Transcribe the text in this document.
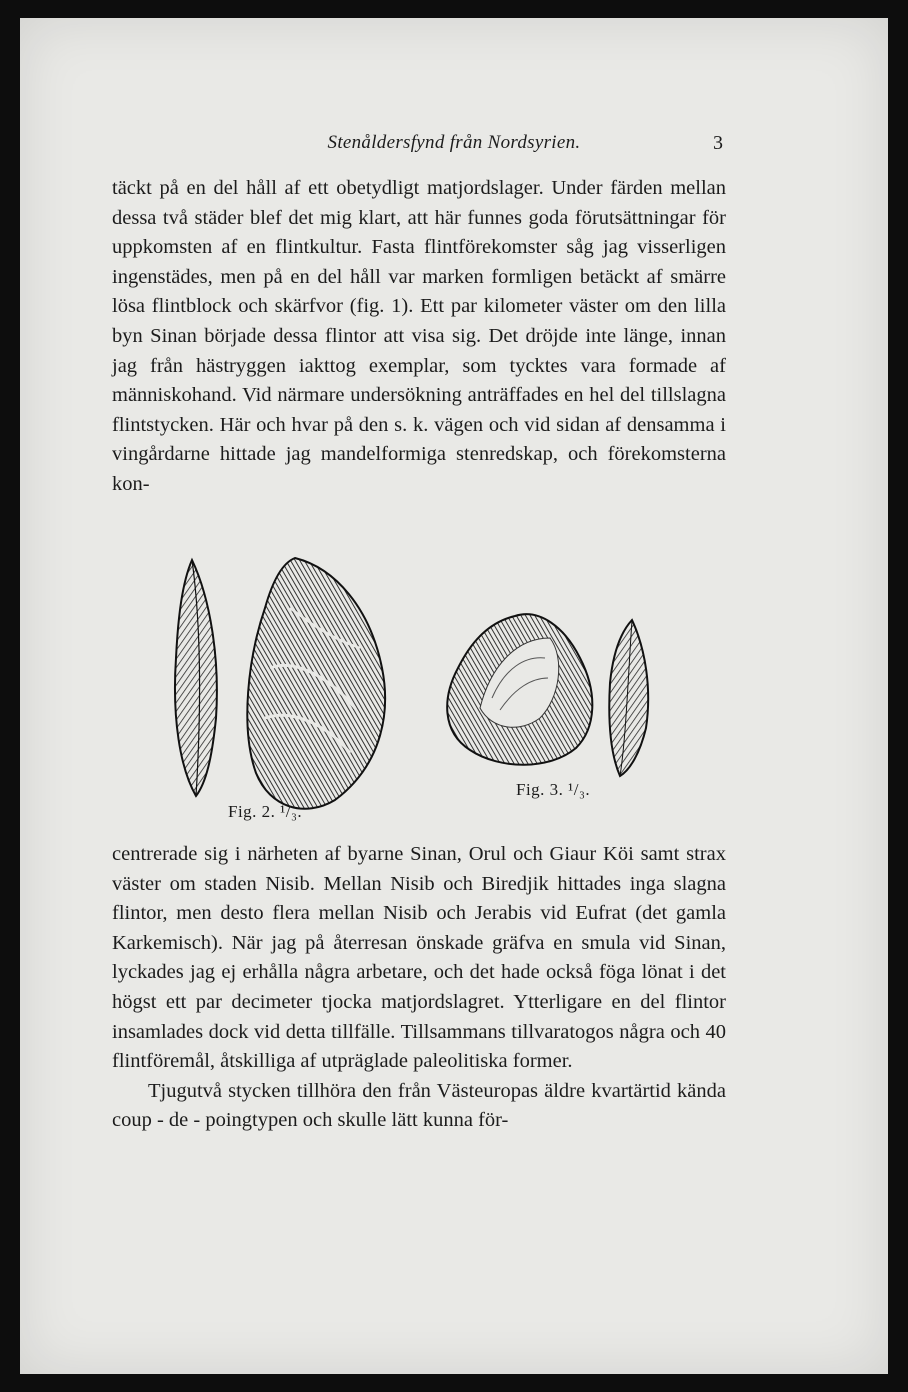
Stenåldersfynd från Nordsyrien.	3

täckt på en del håll af ett obetydligt matjordslager. Under färden mellan dessa två städer blef det mig klart, att här funnes goda förutsättningar för uppkomsten af en flintkultur. Fasta flintförekomster såg jag visserligen ingenstädes, men på en del håll var marken formligen betäckt af smärre lösa flintblock och skärfvor (fig. 1). Ett par kilometer väster om den lilla byn Sinan började dessa flintor att visa sig. Det dröjde inte länge, innan jag från hästryggen iakttog exemplar, som tycktes vara formade af människohand. Vid närmare undersökning anträffades en hel del tillslagna flintstycken. Här och hvar på den s. k. vägen och vid sidan af densamma i vingårdarne hittade jag mandelformiga stenredskap, och förekomsterna kon-

Fig. 2. ¹/₃.
Fig. 3. ¹/₃.

centrerade sig i närheten af byarne Sinan, Orul och Giaur Köi samt strax väster om staden Nisib. Mellan Nisib och Biredjik hittades inga slagna flintor, men desto flera mellan Nisib och Jerabis vid Eufrat (det gamla Karkemisch). När jag på återresan önskade gräfva en smula vid Sinan, lyckades jag ej erhålla några arbetare, och det hade också föga lönat i det högst ett par decimeter tjocka matjordslagret. Ytterligare en del flintor insamlades dock vid detta tillfälle. Tillsammans tillvaratogos några och 40 flintföremål, åtskilliga af utpräglade paleolitiska former.

Tjugutvå stycken tillhöra den från Västeuropas äldre kvartärtid kända coup - de - poingtypen och skulle lätt kunna för-
